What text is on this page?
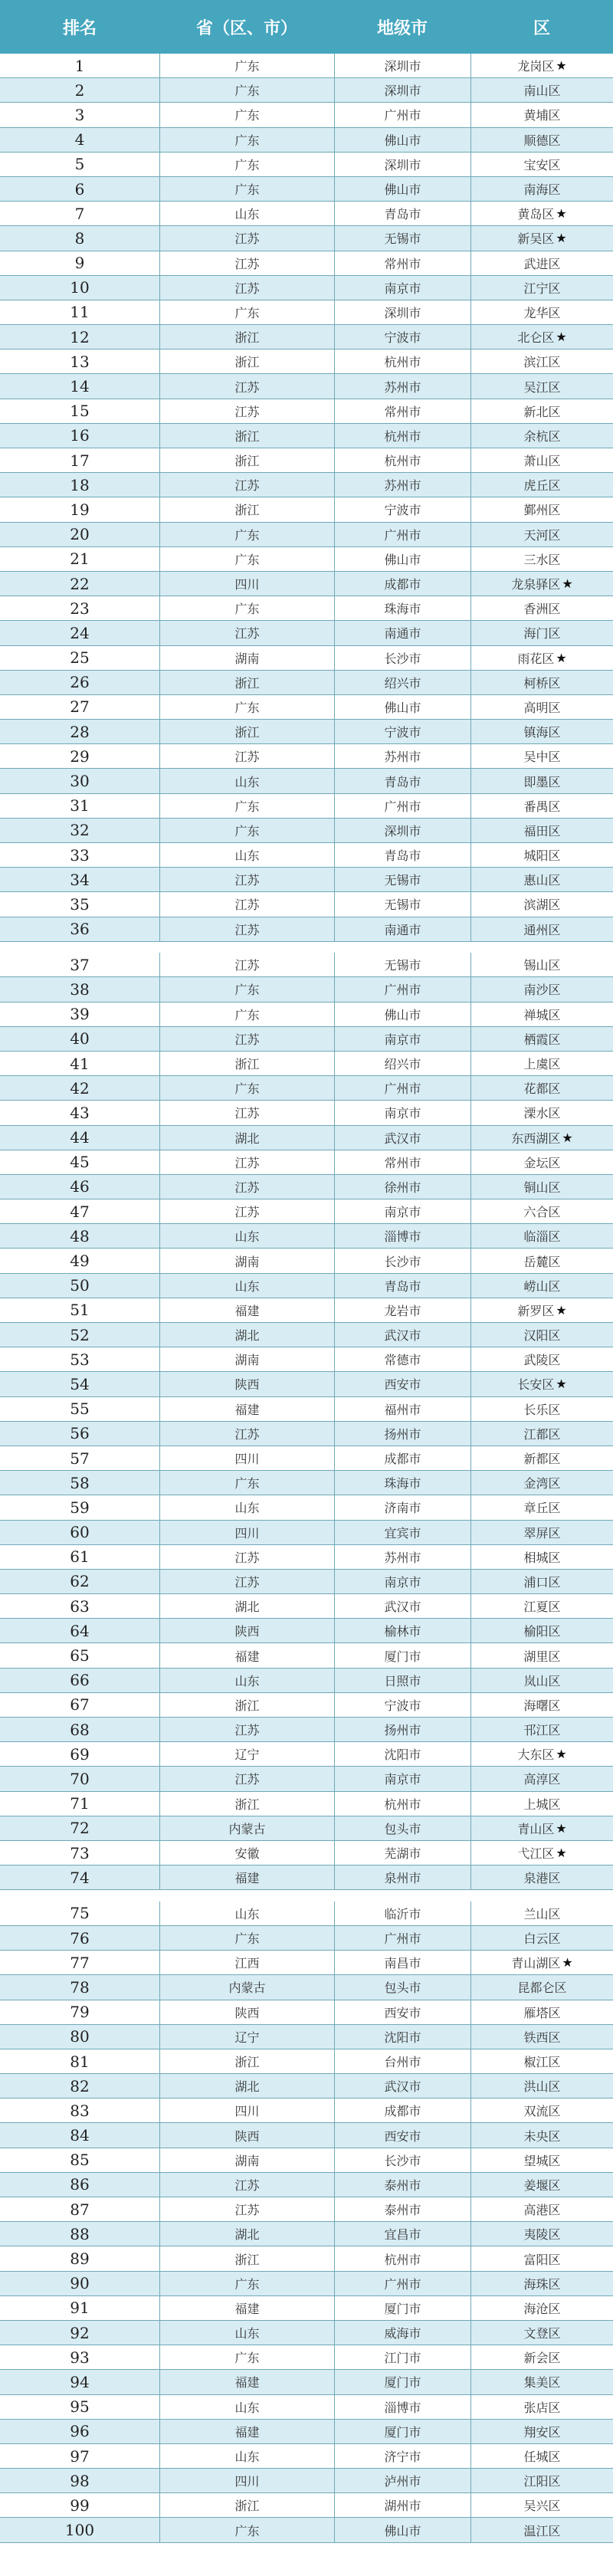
排名	省（区、市）	地级市	区
1	广东	深圳市	龙岗区 ★
2	广东	深圳市	南山区
3	广东	广州市	黄埔区
4	广东	佛山市	顺德区
5	广东	深圳市	宝安区
6	广东	佛山市	南海区
7	山东	青岛市	黄岛区 ★
8	江苏	无锡市	新吴区 ★
9	江苏	常州市	武进区
10	江苏	南京市	江宁区
11	广东	深圳市	龙华区
12	浙江	宁波市	北仑区 ★
13	浙江	杭州市	滨江区
14	江苏	苏州市	吴江区
15	江苏	常州市	新北区
16	浙江	杭州市	余杭区
17	浙江	杭州市	萧山区
18	江苏	苏州市	虎丘区
19	浙江	宁波市	鄞州区
20	广东	广州市	天河区
21	广东	佛山市	三水区
22	四川	成都市	龙泉驿区 ★
23	广东	珠海市	香洲区
24	江苏	南通市	海门区
25	湖南	长沙市	雨花区 ★
26	浙江	绍兴市	柯桥区
27	广东	佛山市	高明区
28	浙江	宁波市	镇海区
29	江苏	苏州市	吴中区
30	山东	青岛市	即墨区
31	广东	广州市	番禺区
32	广东	深圳市	福田区
33	山东	青岛市	城阳区
34	江苏	无锡市	惠山区
35	江苏	无锡市	滨湖区
36	江苏	南通市	通州区
37	江苏	无锡市	锡山区
38	广东	广州市	南沙区
39	广东	佛山市	禅城区
40	江苏	南京市	栖霞区
41	浙江	绍兴市	上虞区
42	广东	广州市	花都区
43	江苏	南京市	溧水区
44	湖北	武汉市	东西湖区 ★
45	江苏	常州市	金坛区
46	江苏	徐州市	铜山区
47	江苏	南京市	六合区
48	山东	淄博市	临淄区
49	湖南	长沙市	岳麓区
50	山东	青岛市	崂山区
51	福建	龙岩市	新罗区 ★
52	湖北	武汉市	汉阳区
53	湖南	常德市	武陵区
54	陕西	西安市	长安区 ★
55	福建	福州市	长乐区
56	江苏	扬州市	江都区
57	四川	成都市	新都区
58	广东	珠海市	金湾区
59	山东	济南市	章丘区
60	四川	宜宾市	翠屏区
61	江苏	苏州市	相城区
62	江苏	南京市	浦口区
63	湖北	武汉市	江夏区
64	陕西	榆林市	榆阳区
65	福建	厦门市	湖里区
66	山东	日照市	岚山区
67	浙江	宁波市	海曙区
68	江苏	扬州市	邗江区
69	辽宁	沈阳市	大东区 ★
70	江苏	南京市	高淳区
71	浙江	杭州市	上城区
72	内蒙古	包头市	青山区 ★
73	安徽	芜湖市	弋江区 ★
74	福建	泉州市	泉港区
75	山东	临沂市	兰山区
76	广东	广州市	白云区
77	江西	南昌市	青山湖区 ★
78	内蒙古	包头市	昆都仑区
79	陕西	西安市	雁塔区
80	辽宁	沈阳市	铁西区
81	浙江	台州市	椒江区
82	湖北	武汉市	洪山区
83	四川	成都市	双流区
84	陕西	西安市	未央区
85	湖南	长沙市	望城区
86	江苏	泰州市	姜堰区
87	江苏	泰州市	高港区
88	湖北	宜昌市	夷陵区
89	浙江	杭州市	富阳区
90	广东	广州市	海珠区
91	福建	厦门市	海沧区
92	山东	威海市	文登区
93	广东	江门市	新会区
94	福建	厦门市	集美区
95	山东	淄博市	张店区
96	福建	厦门市	翔安区
97	山东	济宁市	任城区
98	四川	泸州市	江阳区
99	浙江	湖州市	吴兴区
100	广东	佛山市	温江区
